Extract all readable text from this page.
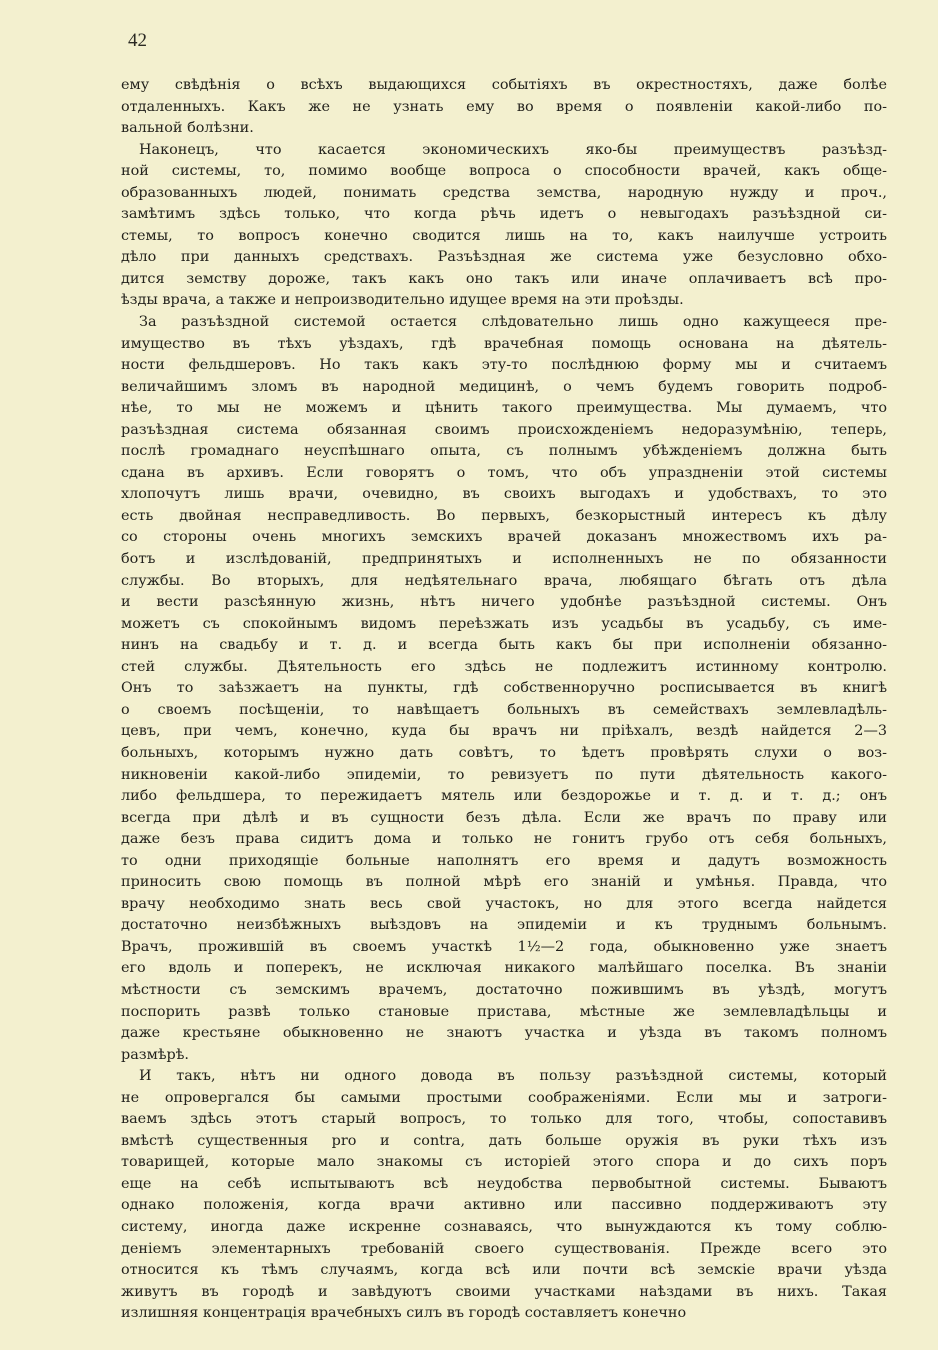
42
ему свѣдѣнія о всѣхъ выдающихся событіяхъ въ окрестностяхъ, даже болѣе
отдаленныхъ. Какъ же не узнать ему во время о появленіи какой-либо по-
вальной болѣзни.
Наконецъ, что касается экономическихъ яко-бы преимуществъ разъѣзд-
ной системы, то, помимо вообще вопроса о способности врачей, какъ обще-
образованныхъ людей, понимать средства земства, народную нужду и проч.,
замѣтимъ здѣсь только, что когда рѣчь идетъ о невыгодахъ разъѣздной си-
стемы, то вопросъ конечно сводится лишь на то, какъ наилучше устроить
дѣло при данныхъ средствахъ. Разъѣздная же система уже безусловно обхо-
дится земству дороже, такъ какъ оно такъ или иначе оплачиваетъ всѣ про-
ѣзды врача, а также и непроизводительно идущее время на эти проѣзды.
За разъѣздной системой остается слѣдовательно лишь одно кажущееся пре-
имущество въ тѣхъ уѣздахъ, гдѣ врачебная помощь основана на дѣятель-
ности фельдшеровъ. Но такъ какъ эту-то послѣднюю форму мы и считаемъ
величайшимъ зломъ въ народной медицинѣ, о чемъ будемъ говорить подроб-
нѣе, то мы не можемъ и цѣнить такого преимущества. Мы думаемъ, что
разъѣздная система обязанная своимъ происхожденіемъ недоразумѣнію, теперь,
послѣ громаднаго неуспѣшнаго опыта, съ полнымъ убѣжденіемъ должна быть
сдана въ архивъ. Если говорятъ о томъ, что объ упраздненіи этой системы
хлопочутъ лишь врачи, очевидно, въ своихъ выгодахъ и удобствахъ, то это
есть двойная несправедливость. Во первыхъ, безкорыстный интересъ къ дѣлу
со стороны очень многихъ земскихъ врачей доказанъ множествомъ ихъ ра-
ботъ и изслѣдованій, предпринятыхъ и исполненныхъ не по обязанности
службы. Во вторыхъ, для недѣятельнаго врача, любящаго бѣгать отъ дѣла
и вести разсѣянную жизнь, нѣтъ ничего удобнѣе разъѣздной системы. Онъ
можетъ съ спокойнымъ видомъ переѣзжать изъ усадьбы въ усадьбу, съ име-
нинъ на свадьбу и т. д. и всегда быть какъ бы при исполненіи обязанно-
стей службы. Дѣятельность его здѣсь не подлежитъ истинному контролю.
Онъ то заѣзжаетъ на пункты, гдѣ собственноручно росписывается въ книгѣ
о своемъ посѣщеніи, то навѣщаетъ больныхъ въ семействахъ землевладѣль-
цевъ, при чемъ, конечно, куда бы врачъ ни пріѣхалъ, вездѣ найдется 2—3
больныхъ, которымъ нужно дать совѣтъ, то ѣдетъ провѣрять слухи о воз-
никновеніи какой-либо эпидеміи, то ревизуетъ по пути дѣятельность какого-
либо фельдшера, то пережидаетъ мятель или бездорожье и т. д. и т. д.; онъ
всегда при дѣлѣ и въ сущности безъ дѣла. Если же врачъ по праву или
даже безъ права сидитъ дома и только не гонитъ грубо отъ себя больныхъ,
то одни приходящіе больные наполнятъ его время и дадутъ возможность
приносить свою помощь въ полной мѣрѣ его знаній и умѣнья. Правда, что
врачу необходимо знать весь свой участокъ, но для этого всегда найдется
достаточно неизбѣжныхъ выѣздовъ на эпидеміи и къ труднымъ больнымъ.
Врачъ, прожившій въ своемъ участкѣ 1½—2 года, обыкновенно уже знаетъ
его вдоль и поперекъ, не исключая никакого малѣйшаго поселка. Въ знаніи
мѣстности съ земскимъ врачемъ, достаточно пожившимъ въ уѣздѣ, могутъ
поспорить развѣ только становые пристава, мѣстные же землевладѣльцы и
даже крестьяне обыкновенно не знаютъ участка и уѣзда въ такомъ полномъ
размѣрѣ.
И такъ, нѣтъ ни одного довода въ пользу разъѣздной системы, который
не опровергался бы самыми простыми соображеніями. Если мы и затроги-
ваемъ здѣсь этотъ старый вопросъ, то только для того, чтобы, сопоставивъ
вмѣстѣ существенныя pro и contra, дать больше оружія въ руки тѣхъ изъ
товарищей, которые мало знакомы съ исторіей этого спора и до сихъ поръ
еще на себѣ испытываютъ всѣ неудобства первобытной системы. Бываютъ
однако положенія, когда врачи активно или пассивно поддерживаютъ эту
систему, иногда даже искренне сознаваясь, что вынуждаются къ тому соблю-
деніемъ элементарныхъ требованій своего существованія. Прежде всего это
относится къ тѣмъ случаямъ, когда всѣ или почти всѣ земскіе врачи уѣзда
живутъ въ городѣ и завѣдуютъ своими участками наѣздами въ нихъ. Такая
излишняя концентрація врачебныхъ силъ въ городѣ составляетъ конечно
